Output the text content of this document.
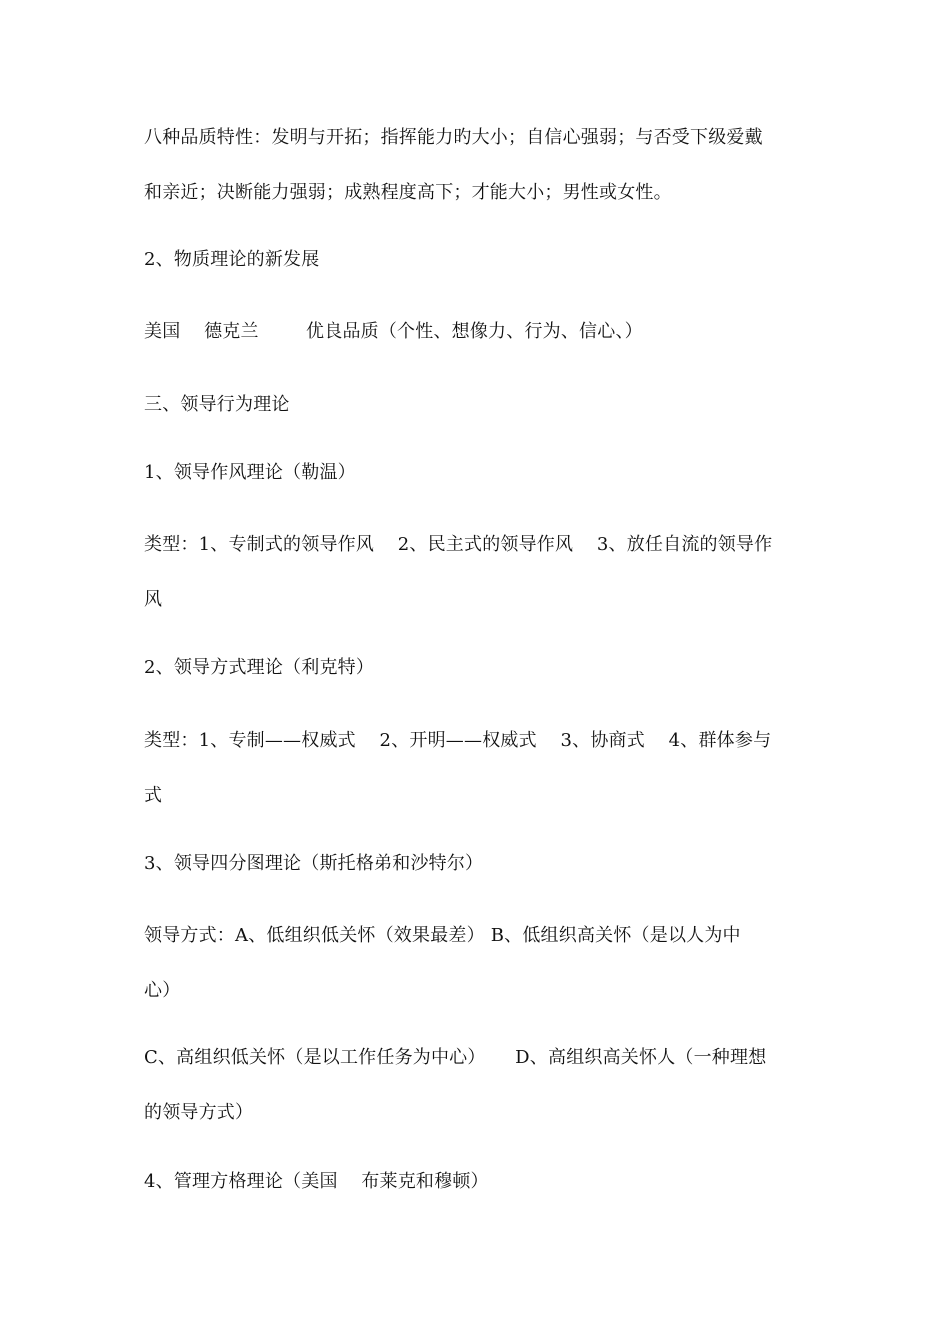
八种品质特性：发明与开拓；指挥能力旳大小；自信心强弱；与否受下级爱戴
和亲近；决断能力强弱；成熟程度高下；才能大小；男性或女性。
2、物质理论的新发展
美国    德克兰        优良品质（个性、想像力、行为、信心、）
三、领导行为理论
1、领导作风理论（勒温）
类型：1、专制式的领导作风    2、民主式的领导作风    3、放任自流的领导作
风
2、领导方式理论（利克特）
类型：1、专制——权威式    2、开明——权威式    3、协商式    4、群体参与
式
3、领导四分图理论（斯托格弟和沙特尔）
领导方式：A、低组织低关怀（效果最差） B、低组织高关怀（是以人为中
心）
C、高组织低关怀（是以工作任务为中心）     D、高组织高关怀人（一种理想
的领导方式）
4、管理方格理论（美国    布莱克和穆顿）
